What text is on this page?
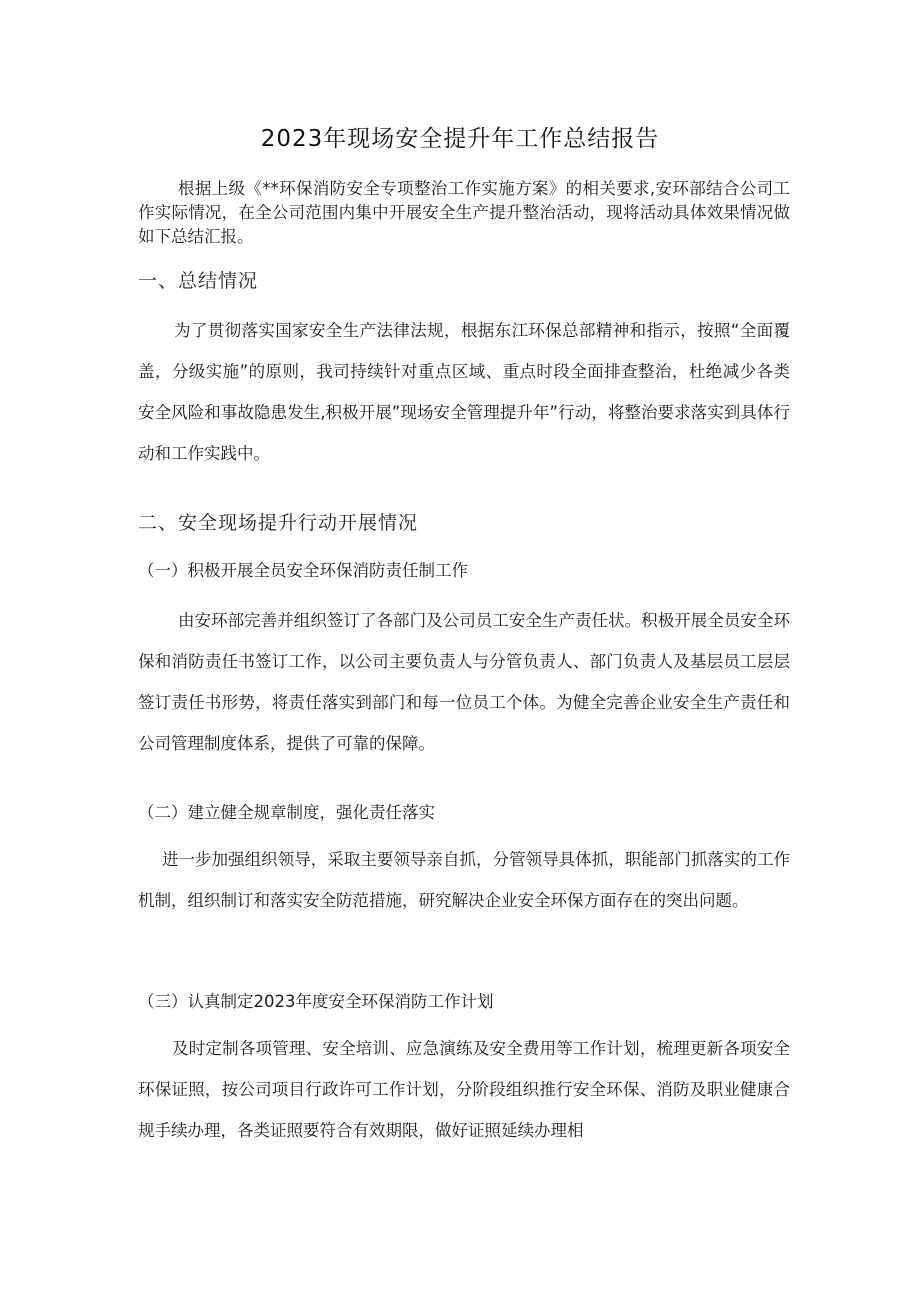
2023年现场安全提升年工作总结报告
根据上级《**环保消防安全专项整治工作实施方案》的相关要求,安环部结合公司工作实际情况，在全公司范围内集中开展安全生产提升整治活动，现将活动具体效果情况做如下总结汇报。
一、总结情况
为了贯彻落实国家安全生产法律法规，根据东江环保总部精神和指示，按照“全面覆盖，分级实施”的原则，我司持续针对重点区域、重点时段全面排查整治，杜绝减少各类安全风险和事故隐患发生,积极开展”现场安全管理提升年”行动，将整治要求落实到具体行动和工作实践中。
二、安全现场提升行动开展情况
（一）积极开展全员安全环保消防责任制工作
由安环部完善并组织签订了各部门及公司员工安全生产责任状。积极开展全员安全环保和消防责任书签订工作，以公司主要负责人与分管负责人、部门负责人及基层员工层层签订责任书形势，将责任落实到部门和每一位员工个体。为健全完善企业安全生产责任和公司管理制度体系，提供了可靠的保障。
（二）建立健全规章制度，强化责任落实
进一步加强组织领导，采取主要领导亲自抓，分管领导具体抓，职能部门抓落实的工作机制，组织制订和落实安全防范措施，研究解决企业安全环保方面存在的突出问题。
（三）认真制定2023年度安全环保消防工作计划
及时定制各项管理、安全培训、应急演练及安全费用等工作计划，梳理更新各项安全环保证照，按公司项目行政许可工作计划，分阶段组织推行安全环保、消防及职业健康合规手续办理，各类证照要符合有效期限，做好证照延续办理相
